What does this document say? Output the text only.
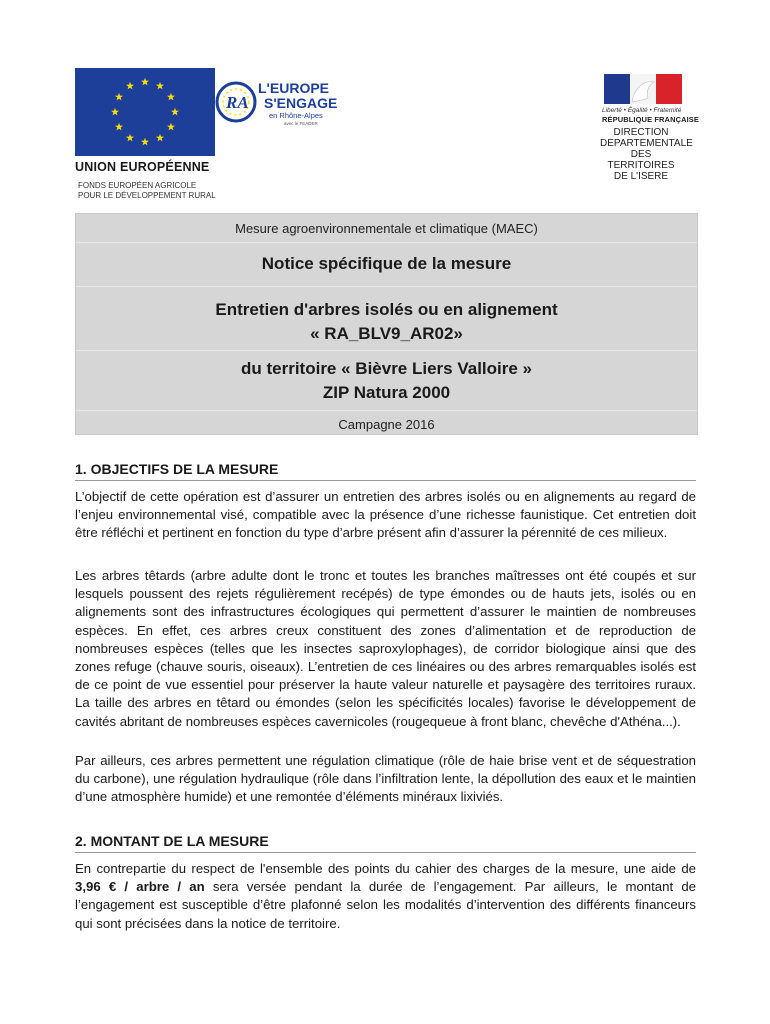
UNION EUROPÉENNE
FONDS EUROPÉEN AGRICOLE
POUR LE DÉVELOPPEMENT RURAL
RA
L'EUROPE
S'ENGAGE
en Rhône-Alpes
avec le FEADER
Liberté • Égalité • Fraternité
RÉPUBLIQUE FRANÇAISE
DIRECTION
DEPARTEMENTALE
DES TERRITOIRES
DE L'ISERE
Mesure agroenvironnementale et climatique (MAEC)
Notice spécifique de la mesure
Entretien d'arbres isolés ou en alignement
« RA_BLV9_AR02»
du territoire « Bièvre Liers Valloire »
ZIP Natura 2000
Campagne 2016
1. OBJECTIFS DE LA MESURE
L’objectif de cette opération est d’assurer un entretien des arbres isolés ou en alignements au regard de l’enjeu environnemental visé, compatible avec la présence d’une richesse faunistique. Cet entretien doit être réfléchi et pertinent en fonction du type d’arbre présent afin d’assurer la pérennité de ces milieux.
Les arbres têtards (arbre adulte dont le tronc et toutes les branches maîtresses ont été coupés et sur lesquels poussent des rejets régulièrement recépés) de type émondes ou de hauts jets, isolés ou en alignements sont des infrastructures écologiques qui permettent d’assurer le maintien de nombreuses espèces. En effet, ces arbres creux constituent des zones d’alimentation et de reproduction de nombreuses espèces (telles que les insectes saproxylophages), de corridor biologique ainsi que des zones refuge (chauve souris, oiseaux). L’entretien de ces linéaires ou des arbres remarquables isolés est de ce point de vue essentiel pour préserver la haute valeur naturelle et paysagère des territoires ruraux. La taille des arbres en têtard ou émondes (selon les spécificités locales) favorise le développement de cavités abritant de nombreuses espèces cavernicoles (rougequeue à front blanc, chevêche d'Athéna...).
Par ailleurs, ces arbres permettent une régulation climatique (rôle de haie brise vent et de séquestration du carbone), une régulation hydraulique (rôle dans l’infiltration lente, la dépollution des eaux et le maintien d’une atmosphère humide) et une remontée d’éléments minéraux lixiviés.
2. MONTANT DE LA MESURE
En contrepartie du respect de l'ensemble des points du cahier des charges de la mesure, une aide de 3,96 € / arbre / an sera versée pendant la durée de l’engagement. Par ailleurs, le montant de l’engagement est susceptible d’être plafonné selon les modalités d’intervention des différents financeurs qui sont précisées dans la notice de territoire.
